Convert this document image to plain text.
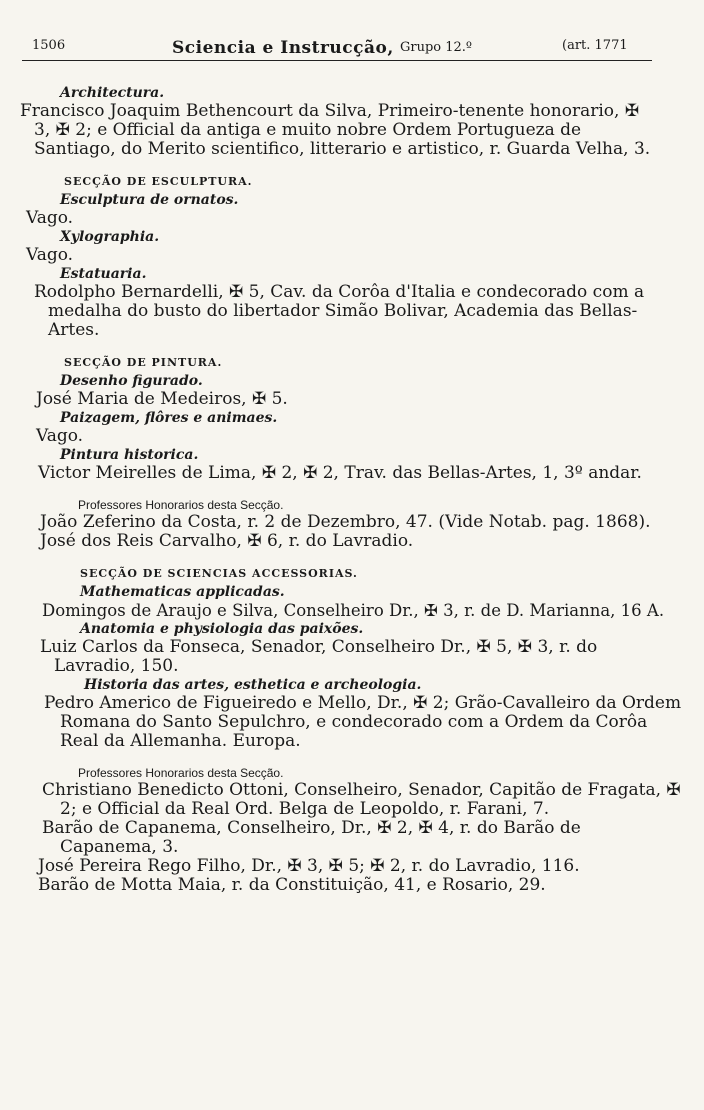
1506	Sciencia e Instrucção, Grupo 12.º	(art. 1771
Architectura.
Francisco Joaquim Bethencourt da Silva, Primeiro-tenente honorario, ✠ 3, ✠ 2; e Official da antiga e muito nobre Ordem Portugueza de Santiago, do Merito scientifico, litterario e artistico, r. Guarda Velha, 3.
SECÇÃO DE ESCULPTURA.
Esculptura de ornatos.
Vago.
Xylographia.
Vago.
Estatuaria.
Rodolpho Bernardelli, ✠ 5, Cav. da Corôa d'Italia e condecorado com a medalha do busto do libertador Simão Bolivar, Academia das Bellas-Artes.
SECÇÃO DE PINTURA.
Desenho figurado.
José Maria de Medeiros, ✠ 5.
Paizagem, flôres e animaes.
Vago.
Pintura historica.
Victor Meirelles de Lima, ✠ 2, ✠ 2, Trav. das Bellas-Artes, 1, 3º andar.
Professores Honorarios desta Secção.
João Zeferino da Costa, r. 2 de Dezembro, 47. (Vide Notab. pag. 1868).
José dos Reis Carvalho, ✠ 6, r. do Lavradio.
SECÇÃO DE SCIENCIAS ACCESSORIAS.
Mathematicas applicadas.
Domingos de Araujo e Silva, Conselheiro Dr., ✠ 3, r. de D. Marianna, 16 A.
Anatomia e physiologia das paixões.
Luiz Carlos da Fonseca, Senador, Conselheiro Dr., ✠ 5, ✠ 3, r. do Lavradio, 150.
Historia das artes, esthetica e archeologia.
Pedro Americo de Figueiredo e Mello, Dr., ✠ 2; Grão-Cavalleiro da Ordem Romana do Santo Sepulchro, e condecorado com a Ordem da Corôa Real da Allemanha. Europa.
Professores Honorarios desta Secção.
Christiano Benedicto Ottoni, Conselheiro, Senador, Capitão de Fragata, ✠ 2; e Official da Real Ord. Belga de Leopoldo, r. Farani, 7.
Barão de Capanema, Conselheiro, Dr., ✠ 2, ✠ 4, r. do Barão de Capanema, 3.
José Pereira Rego Filho, Dr., ✠ 3, ✠ 5; ✠ 2, r. do Lavradio, 116.
Barão de Motta Maia, r. da Constituição, 41, e Rosario, 29.
